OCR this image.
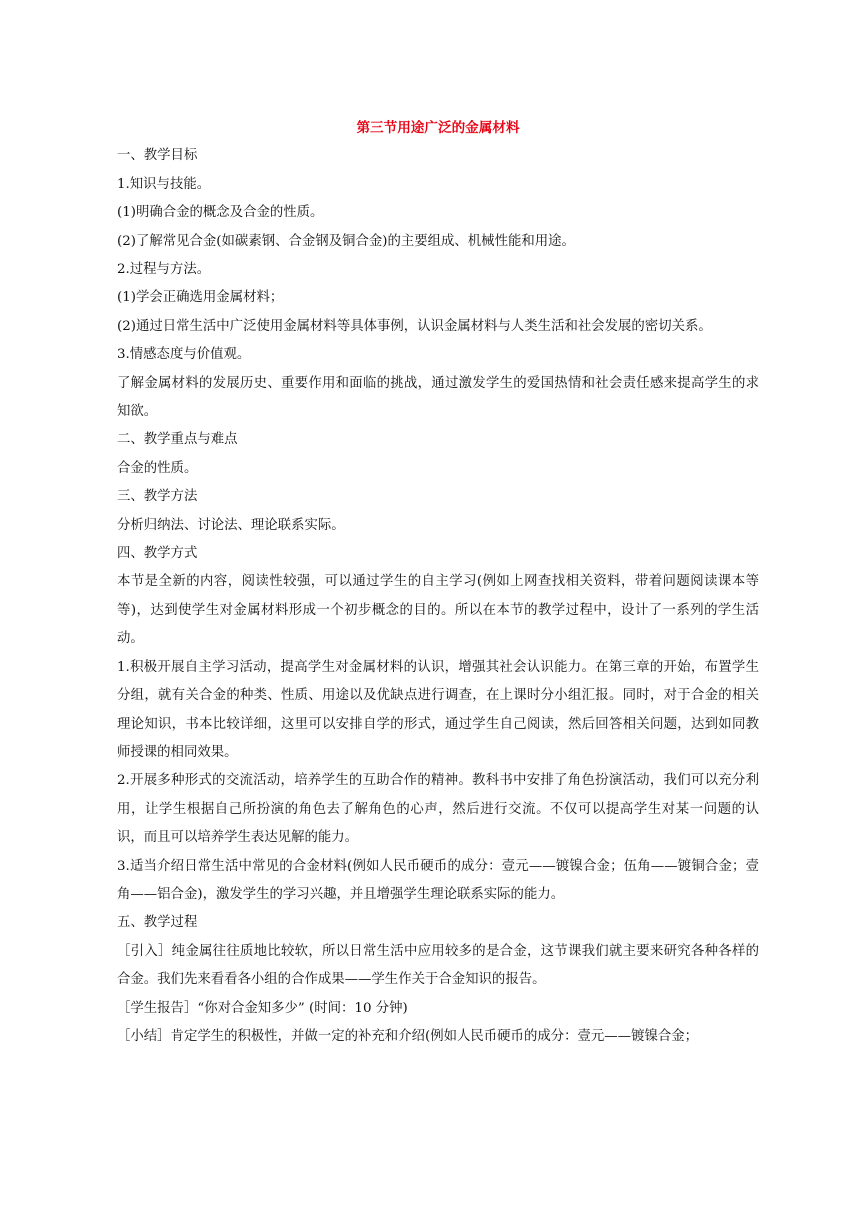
第三节用途广泛的金属材料

一、教学目标

1.知识与技能。

(1)明确合金的概念及合金的性质。

(2)了解常见合金(如碳素钢、合金钢及铜合金)的主要组成、机械性能和用途。

2.过程与方法。

(1)学会正确选用金属材料；

(2)通过日常生活中广泛使用金属材料等具体事例，认识金属材料与人类生活和社会发展的密切关系。

3.情感态度与价值观。

了解金属材料的发展历史、重要作用和面临的挑战，通过激发学生的爱国热情和社会责任感来提高学生的求知欲。

二、教学重点与难点

合金的性质。

三、教学方法

分析归纳法、讨论法、理论联系实际。

四、教学方式

本节是全新的内容，阅读性较强，可以通过学生的自主学习(例如上网查找相关资料，带着问题阅读课本等等)，达到使学生对金属材料形成一个初步概念的目的。所以在本节的教学过程中，设计了一系列的学生活动。

1.积极开展自主学习活动，提高学生对金属材料的认识，增强其社会认识能力。在第三章的开始，布置学生分组，就有关合金的种类、性质、用途以及优缺点进行调查，在上课时分小组汇报。同时，对于合金的相关理论知识，书本比较详细，这里可以安排自学的形式，通过学生自己阅读，然后回答相关问题，达到如同教师授课的相同效果。

2.开展多种形式的交流活动，培养学生的互助合作的精神。教科书中安排了角色扮演活动，我们可以充分利用，让学生根据自己所扮演的角色去了解角色的心声，然后进行交流。不仅可以提高学生对某一问题的认识，而且可以培养学生表达见解的能力。

3.适当介绍日常生活中常见的合金材料(例如人民币硬币的成分：壹元——镀镍合金；伍角——镀铜合金；壹角——铝合金)，激发学生的学习兴趣，并且增强学生理论联系实际的能力。

五、教学过程

［引入］纯金属往往质地比较软，所以日常生活中应用较多的是合金，这节课我们就主要来研究各种各样的合金。我们先来看看各小组的合作成果——学生作关于合金知识的报告。

［学生报告］“你对合金知多少” (时间：10 分钟)

［小结］肯定学生的积极性，并做一定的补充和介绍(例如人民币硬币的成分：壹元——镀镍合金；
